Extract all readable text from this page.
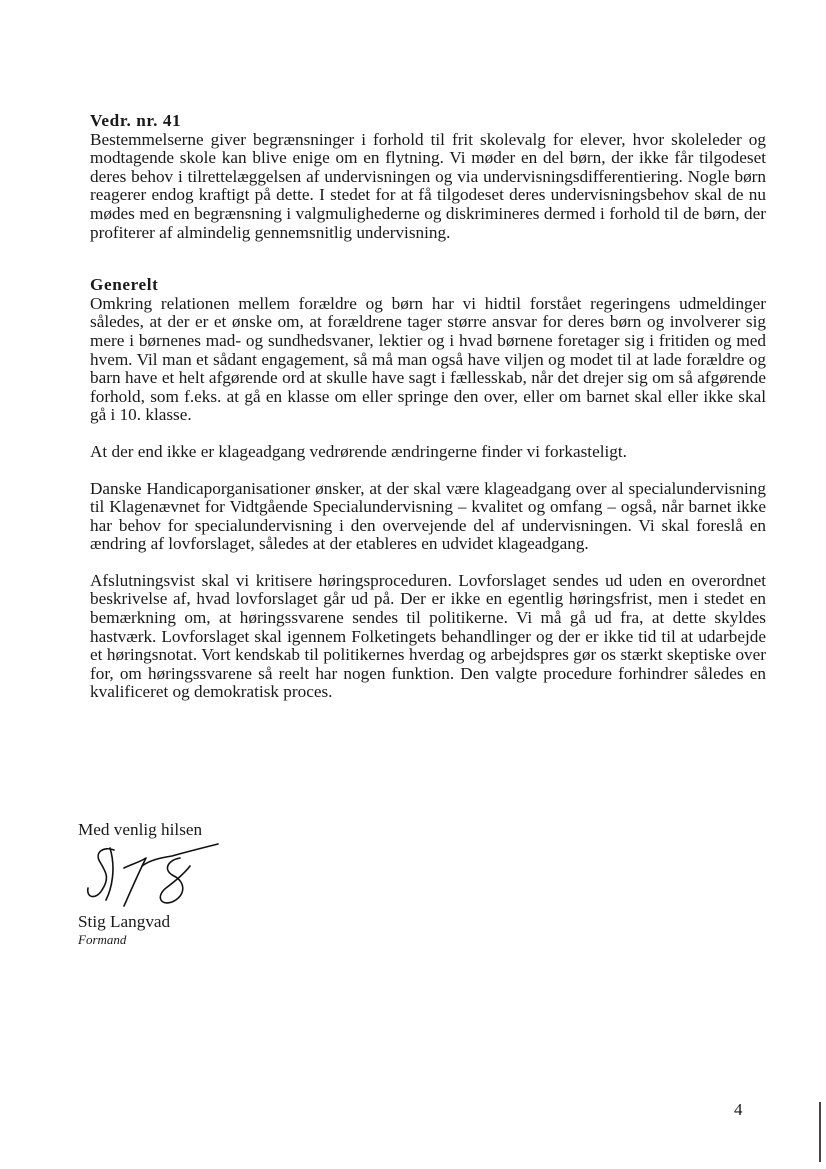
Vedr. nr. 41

Bestemmelserne giver begrænsninger i forhold til frit skolevalg for elever, hvor skoleleder og modtagende skole kan blive enige om en flytning. Vi møder en del børn, der ikke får tilgodeset deres behov i tilrettelæggelsen af undervisningen og via undervisningsdifferentiering. Nogle børn reagerer endog kraftigt på dette. I stedet for at få tilgodeset deres undervisningsbehov skal de nu mødes med en begrænsning i valgmulighederne og diskrimineres dermed i forhold til de børn, der profiterer af almindelig gennemsnitlig undervisning.

Generelt

Omkring relationen mellem forældre og børn har vi hidtil forstået regeringens udmeldinger således, at der er et ønske om, at forældrene tager større ansvar for deres børn og involverer sig mere i børnenes mad- og sundhedsvaner, lektier og i hvad børnene foretager sig i fritiden og med hvem. Vil man et sådant engagement, så må man også have viljen og modet til at lade forældre og barn have et helt afgørende ord at skulle have sagt i fællesskab, når det drejer sig om så afgørende forhold, som f.eks. at gå en klasse om eller springe den over, eller om barnet skal eller ikke skal gå i 10. klasse.

At der end ikke er klageadgang vedrørende ændringerne finder vi forkasteligt.

Danske Handicaporganisationer ønsker, at der skal være klageadgang over al specialundervisning til Klagenævnet for Vidtgående Specialundervisning – kvalitet og omfang – også, når barnet ikke har behov for specialundervisning i den overvejende del af undervisningen. Vi skal foreslå en ændring af lovforslaget, således at der etableres en udvidet klageadgang.

Afslutningsvist skal vi kritisere høringsproceduren. Lovforslaget sendes ud uden en overordnet beskrivelse af, hvad lovforslaget går ud på. Der er ikke en egentlig høringsfrist, men i stedet en bemærkning om, at høringssvarene sendes til politikerne. Vi må gå ud fra, at dette skyldes hastværk. Lovforslaget skal igennem Folketingets behandlinger og der er ikke tid til at udarbejde et høringsnotat. Vort kendskab til politikernes hverdag og arbejdspres gør os stærkt skeptiske over for, om høringssvarene så reelt har nogen funktion. Den valgte procedure forhindrer således en kvalificeret og demokratisk proces.

Med venlig hilsen
Stig Langvad
Formand
4
